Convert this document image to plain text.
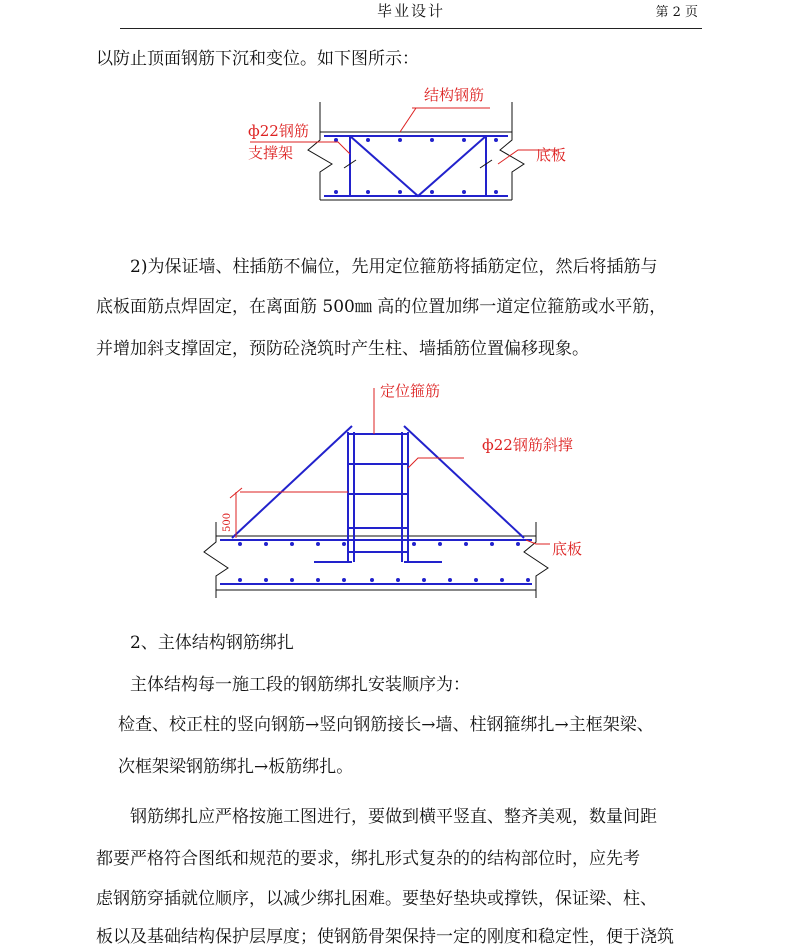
毕业设计	第 2 页
以防止顶面钢筋下沉和变位。如下图所示：
结构钢筋
ф22钢筋
支撑架	底板
2)为保证墙、柱插筋不偏位，先用定位箍筋将插筋定位，然后将插筋与
底板面筋点焊固定，在离面筋 500㎜ 高的位置加绑一道定位箍筋或水平筋，
并增加斜支撑固定，预防砼浇筑时产生柱、墙插筋位置偏移现象。
500
定位箍筋
ф22钢筋斜撑
底板
2、主体结构钢筋绑扎
主体结构每一施工段的钢筋绑扎安装顺序为：
检查、校正柱的竖向钢筋→竖向钢筋接长→墙、柱钢箍绑扎→主框架梁、
次框架梁钢筋绑扎→板筋绑扎。
钢筋绑扎应严格按施工图进行，要做到横平竖直、整齐美观，数量间距
都要严格符合图纸和规范的要求，绑扎形式复杂的的结构部位时，应先考
虑钢筋穿插就位顺序，以减少绑扎困难。要垫好垫块或撑铁，保证梁、柱、
板以及基础结构保护层厚度；使钢筋骨架保持一定的刚度和稳定性，便于浇筑
